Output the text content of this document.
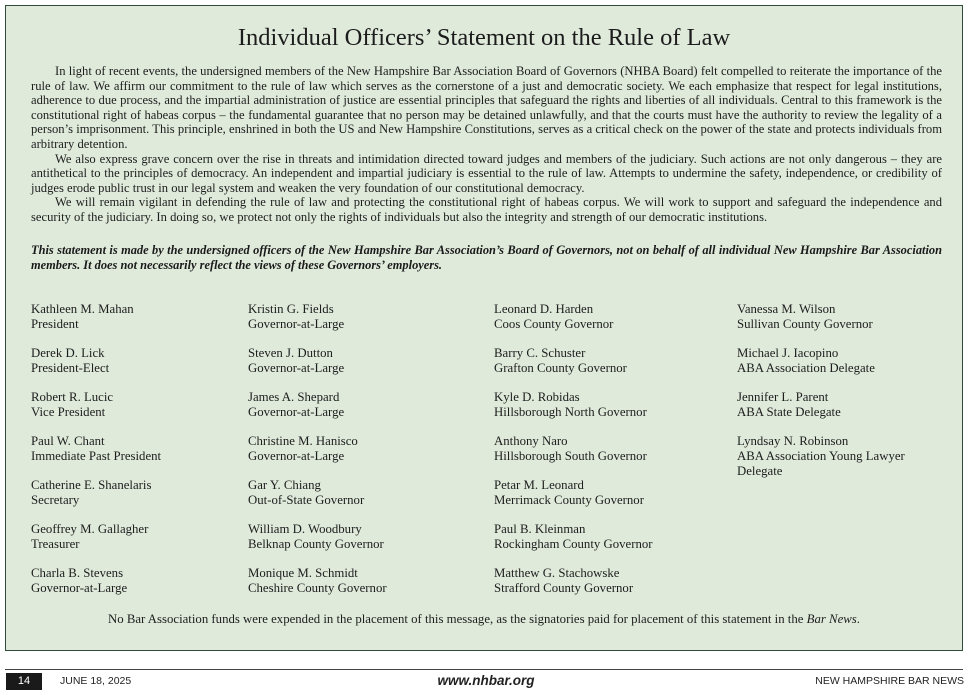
Individual Officers’ Statement on the Rule of Law

In light of recent events, the undersigned members of the New Hampshire Bar Association Board of Governors (NHBA Board) felt compelled to reiterate the importance of the rule of law. We affirm our commitment to the rule of law which serves as the cornerstone of a just and democratic society. We each emphasize that respect for legal institutions, adherence to due process, and the impartial administration of justice are essential principles that safeguard the rights and liberties of all individuals. Central to this framework is the constitutional right of habeas corpus – the fundamental guarantee that no person may be detained unlawfully, and that the courts must have the authority to review the legality of a person’s imprisonment. This principle, enshrined in both the US and New Hampshire Constitutions, serves as a critical check on the power of the state and protects individuals from arbitrary detention.

We also express grave concern over the rise in threats and intimidation directed toward judges and members of the judiciary. Such actions are not only dangerous – they are antithetical to the principles of democracy. An independent and impartial judiciary is essential to the rule of law. Attempts to undermine the safety, independence, or credibility of judges erode public trust in our legal system and weaken the very foundation of our constitutional democracy.

We will remain vigilant in defending the rule of law and protecting the constitutional right of habeas corpus. We will work to support and safeguard the independence and security of the judiciary. In doing so, we protect not only the rights of individuals but also the integrity and strength of our democratic institutions.

This statement is made by the undersigned officers of the New Hampshire Bar Association’s Board of Governors, not on behalf of all individual New Hampshire Bar Association members. It does not necessarily reflect the views of these Governors’ employers.
Kathleen M. Mahan
President
Derek D. Lick
President-Elect
Robert R. Lucic
Vice President
Paul W. Chant
Immediate Past President
Catherine E. Shanelaris
Secretary
Geoffrey M. Gallagher
Treasurer
Charla B. Stevens
Governor-at-Large
Kristin G. Fields
Governor-at-Large
Steven J. Dutton
Governor-at-Large
James A. Shepard
Governor-at-Large
Christine M. Hanisco
Governor-at-Large
Gar Y. Chiang
Out-of-State Governor
William D. Woodbury
Belknap County Governor
Monique M. Schmidt
Cheshire County Governor
Leonard D. Harden
Coos County Governor
Barry C. Schuster
Grafton County Governor
Kyle D. Robidas
Hillsborough North Governor
Anthony Naro
Hillsborough South Governor
Petar M. Leonard
Merrimack County Governor
Paul B. Kleinman
Rockingham County Governor
Matthew G. Stachowske
Strafford County Governor
Vanessa M. Wilson
Sullivan County Governor
Michael J. Iacopino
ABA Association Delegate
Jennifer L. Parent
ABA State Delegate
Lyndsay N. Robinson
ABA Association Young Lawyer Delegate
No Bar Association funds were expended in the placement of this message, as the signatories paid for placement of this statement in the Bar News.
14	JUNE 18, 2025	www.nhbar.org	NEW HAMPSHIRE BAR NEWS
